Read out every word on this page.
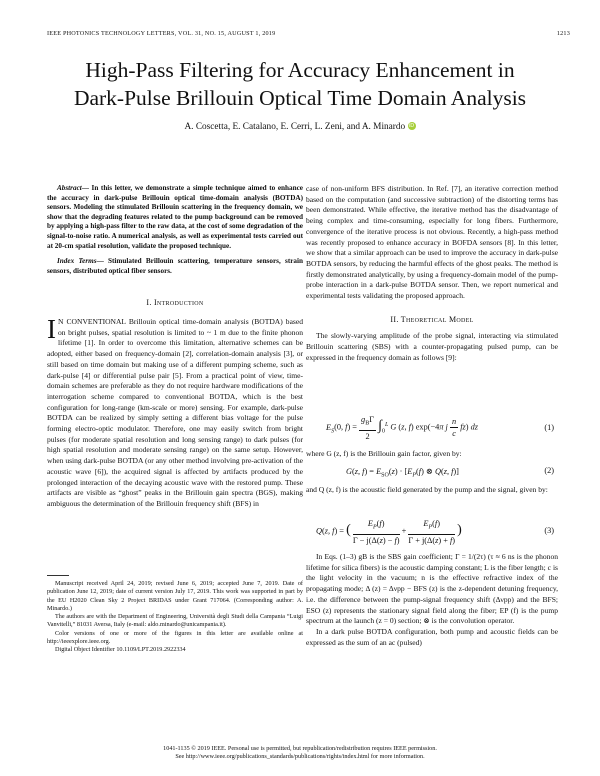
IEEE PHOTONICS TECHNOLOGY LETTERS, VOL. 31, NO. 15, AUGUST 1, 2019	1213
High-Pass Filtering for Accuracy Enhancement in
Dark-Pulse Brillouin Optical Time Domain Analysis
A. Coscetta, E. Catalano, E. Cerri, L. Zeni, and A. Minardo iD

Abstract— In this letter, we demonstrate a simple technique aimed to enhance the accuracy in dark-pulse Brillouin optical time-domain analysis (BOTDA) sensors. Modeling the stimulated Brillouin scattering in the frequency domain, we show that the degrading features related to the pump background can be removed by applying a high-pass filter to the raw data, at the cost of some degradation of the signal-to-noise ratio. A numerical analysis, as well as experimental tests carried out at 20-cm spatial resolution, validate the proposed technique.

Index Terms— Stimulated Brillouin scattering, temperature sensors, strain sensors, distributed optical fiber sensors.

I. Introduction

I N CONVENTIONAL Brillouin optical time-domain analysis (BOTDA) based on bright pulses, spatial resolution is limited to ~ 1 m due to the finite phonon lifetime [1]. In order to overcome this limitation, alternative schemes can be adopted, either based on frequency-domain [2], correlation-domain analysis [3], or still based on time domain but making use of a different pumping scheme, such as dark-pulse [4] or differential pulse pair [5]. From a practical point of view, time-domain schemes are preferable as they do not require hardware modifications of the interrogation scheme compared to conventional BOTDA, which is the best configuration for long-range (km-scale or more) sensing. For example, dark-pulse BOTDA can be realized by simply setting a different bias voltage for the pulse forming electro-optic modulator. Therefore, one may easily switch from bright pulses (for moderate spatial resolution and long sensing range) to dark pulses (for high spatial resolution and moderate sensing range) on the same setup. However, when using dark-pulse BOTDA (or any other method involving pre-activation of the acoustic wave [6]), the acquired signal is affected by artifacts produced by the prolonged interaction of the decaying acoustic wave with the restored pump. These artifacts are visible as “ghost” peaks in the Brillouin gain spectra (BGS), making ambiguous the determination of the Brillouin frequency shift (BFS) in

Manuscript received April 24, 2019; revised June 6, 2019; accepted June 7, 2019. Date of publication June 12, 2019; date of current version July 17, 2019. This work was supported in part by the EU H2020 Clean Sky 2 Project BRIDAS under Grant 717064. (Corresponding author: A. Minardo.)

The authors are with the Department of Engineering, Università degli Studi della Campania “Luigi Vanvitelli,” 81031 Aversa, Italy (e-mail: aldo.minardo@unicampania.it).

Color versions of one or more of the figures in this letter are available online at http://ieeexplore.ieee.org.

Digital Object Identifier 10.1109/LPT.2019.2922334

case of non-uniform BFS distribution. In Ref. [7], an iterative correction method based on the computation (and successive subtraction) of the distorting terms has been demonstrated. While effective, the iterative method has the disadvantage of being complex and time-consuming, especially for long fibers. Furthermore, convergence of the iterative process is not obvious. Recently, a high-pass method was recently proposed to enhance accuracy in BOFDA sensors [8]. In this letter, we show that a similar approach can be used to improve the accuracy in dark-pulse BOTDA sensors, by reducing the harmful effects of the ghost peaks. The method is firstly demonstrated analytically, by using a frequency-domain model of the pump-probe interaction in a dark-pulse BOTDA sensor. Then, we report numerical and experimental tests validating the proposed approach.

II. Theoretical Model

The slowly-varying amplitude of the probe signal, interacting via stimulated Brillouin scattering (SBS) with a counter-propagating pulsed pump, can be expressed in the frequency domain as follows [9]:

$E_S(0$, $f) = \frac{g_B\Gamma}{2} \int_0^L$ G (z, f) exp(−4π j $\frac{n}{c} fz$) dz	(1)

where G (z, f) is the Brillouin gain factor, given by:

G(z, $f) = E_{SO}(z) \cdot [E_P(f)$ ⊗ Q(z, f)]	(2)

and Q (z, f) is the acoustic field generated by the pump and the signal, given by:

Q(z, f) = ( $\frac{E_P(f)}{\Gamma - j(\Delta(z) - f)} + \frac{E_P(f)}{\Gamma + j(\Delta(z) + f)}$ )	(3)

In Eqs. (1–3) gB is the SBS gain coefficient; Γ = 1/(2τ) (τ ≈ 6 ns is the phonon lifetime for silica fibers) is the acoustic damping constant; L is the fiber length; c is the light velocity in the vacuum; n is the effective refractive index of the propagating mode; Δ (z) = Δνpp − BFS (z) is the z-dependent detuning frequency, i.e. the difference between the pump-signal frequency shift (Δνpp) and the BFS; ESO (z) represents the stationary signal field along the fiber; EP (f) is the pump spectrum at the launch (z = 0) section; ⊗ is the convolution operator.

In a dark pulse BOTDA configuration, both pump and acoustic fields can be expressed as the sum of an ac (pulsed)

1041-1135 © 2019 IEEE. Personal use is permitted, but republication/redistribution requires IEEE permission.
See http://www.ieee.org/publications_standards/publications/rights/index.html for more information.
